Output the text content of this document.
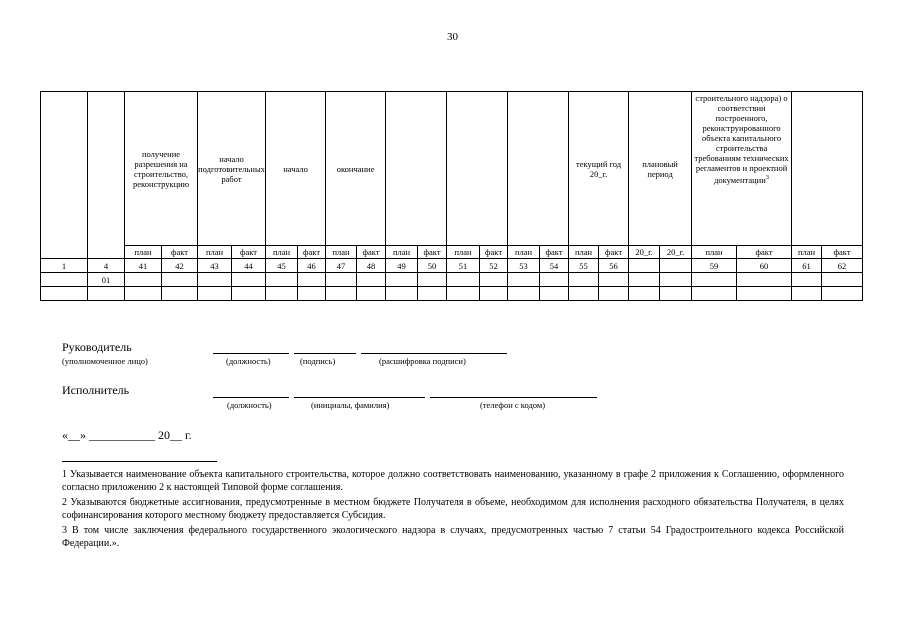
30
		получение разрешения на строительство, реконструкцию		начало подготовительных работ		начало		окончание								текущий год 20_г.		плановый период		строительного надзора) о соответствии построенного, реконструированного объекта капитального строительства требованиям технических регламентов и проектной документации$^3$	
		план	факт	план	факт	план	факт	план	факт	план	факт	план	факт	план	факт	план	факт	20_г.	20_г.	план	факт	план	факт
1	4	41	42	43	44	45	46	47	48	49	50	51	52	53	54	55	56			59	60	61	62
	01																						

Руководитель
(уполномоченное лицо)	(должность)	(подпись)	(расшифровка подписи)
Исполнитель
(должность)	(инициалы, фамилия)	(телефон с кодом)
«__» ___________ 20__ г.

1 Указывается наименование объекта капитального строительства, которое должно соответствовать наименованию, указанному в графе 2 приложения к Соглашению, оформленного согласно приложению 2 к настоящей Типовой форме соглашения.

2 Указываются бюджетные ассигнования, предусмотренные в местном бюджете Получателя в объеме, необходимом для исполнения расходного обязательства Получателя, в целях софинансирования которого местному бюджету предоставляется Субсидия.

3 В том числе заключения федерального государственного экологического надзора в случаях, предусмотренных частью 7 статьи 54 Градостроительного кодекса Российской Федерации.».
